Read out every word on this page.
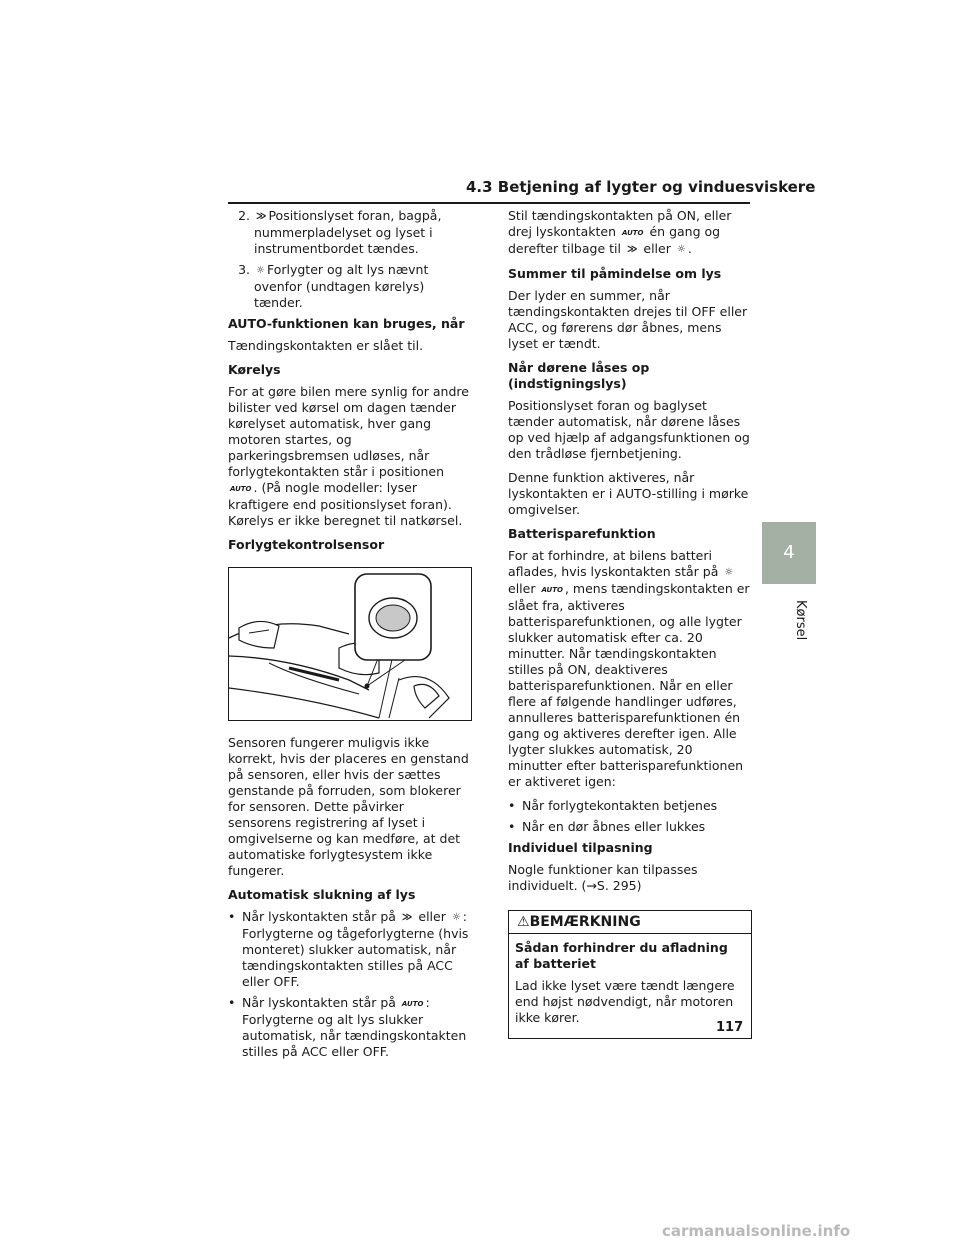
4.3 Betjening af lygter og vinduesviskere
2. ≫ Positionslyset foran, bagpå, nummerpladelyset og lyset i instrumentbordet tændes.
3. ☼ Forlygter og alt lys nævnt ovenfor (undtagen kørelys) tænder.

AUTO-funktionen kan bruges, når

Tændingskontakten er slået til.

Kørelys

For at gøre bilen mere synlig for andre bilister ved kørsel om dagen tænder kørelyset automatisk, hver gang motoren startes, og parkeringsbremsen udløses, når forlygtekontakten står i positionen AUTO . (På nogle modeller: lyser kraftigere end positionslyset foran). Kørelys er ikke beregnet til natkørsel.

Forlygtekontrolsensor

Sensoren fungerer muligvis ikke korrekt, hvis der placeres en genstand på sensoren, eller hvis der sættes genstande på forruden, som blokerer for sensoren. Dette påvirker sensorens registrering af lyset i omgivelserne og kan medføre, at det automatiske forlygtesystem ikke fungerer.

Automatisk slukning af lys

• Når lyskontakten står på ≫ eller ☼ : Forlygterne og tågeforlygterne (hvis monteret) slukker automatisk, når tændingskontakten stilles på ACC eller OFF.
• Når lyskontakten står på AUTO : Forlygterne og alt lys slukker automatisk, når tændingskontakten stilles på ACC eller OFF.

Stil tændingskontakten på ON, eller drej lyskontakten AUTO én gang og derefter tilbage til ≫ eller ☼ .

Summer til påmindelse om lys

Der lyder en summer, når tændingskontakten drejes til OFF eller ACC, og førerens dør åbnes, mens lyset er tændt.

Når dørene låses op (indstigningslys)

Positionslyset foran og baglyset tænder automatisk, når dørene låses op ved hjælp af adgangsfunktionen og den trådløse fjernbetjening.

Denne funktion aktiveres, når lyskontakten er i AUTO-stilling i mørke omgivelser.

Batterisparefunktion

For at forhindre, at bilens batteri aflades, hvis lyskontakten står på ☼ eller AUTO , mens tændingskontakten er slået fra, aktiveres batterisparefunktionen, og alle lygter slukker automatisk efter ca. 20 minutter. Når tændingskontakten stilles på ON, deaktiveres batterisparefunktionen. Når en eller flere af følgende handlinger udføres, annulleres batterisparefunktionen én gang og aktiveres derefter igen. Alle lygter slukkes automatisk, 20 minutter efter batterisparefunktionen er aktiveret igen:

• Når forlygtekontakten betjenes
• Når en dør åbnes eller lukkes

Individuel tilpasning

Nogle funktioner kan tilpasses individuelt. (→S. 295)

⚠BEMÆRKNING

Sådan forhindrer du afladning af batteriet

Lad ikke lyset være tændt længere end højst nødvendigt, når motoren ikke kører.

4
Kørsel
117
carmanualsonline.info
